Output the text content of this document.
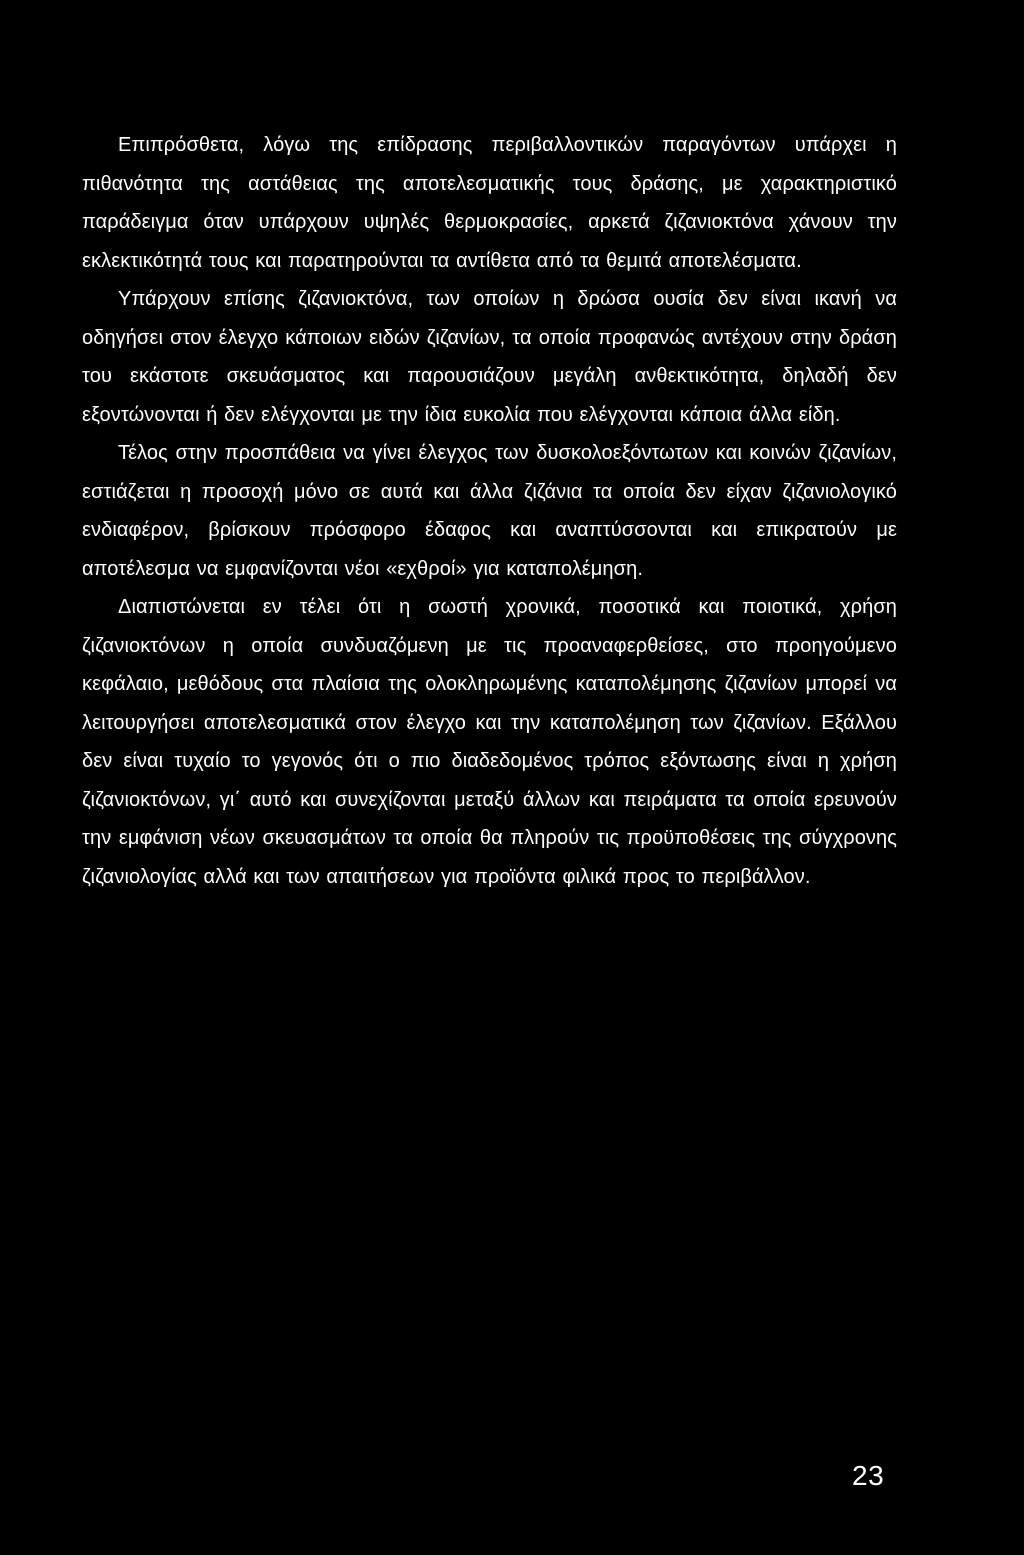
Επιπρόσθετα, λόγω της επίδρασης περιβαλλοντικών παραγόντων υπάρχει η πιθανότητα της αστάθειας της αποτελεσματικής τους δράσης, με χαρακτηριστικό παράδειγμα όταν υπάρχουν υψηλές θερμοκρασίες, αρκετά ζιζανιοκτόνα χάνουν την εκλεκτικότητά τους και παρατηρούνται τα αντίθετα από τα θεμιτά αποτελέσματα.

Υπάρχουν επίσης ζιζανιοκτόνα, των οποίων η δρώσα ουσία δεν είναι ικανή να οδηγήσει στον έλεγχο κάποιων ειδών ζιζανίων, τα οποία προφανώς αντέχουν στην δράση του εκάστοτε σκευάσματος και παρουσιάζουν μεγάλη ανθεκτικότητα, δηλαδή δεν εξοντώνονται ή δεν ελέγχονται με την ίδια ευκολία που ελέγχονται κάποια άλλα είδη.

Τέλος στην προσπάθεια να γίνει έλεγχος των δυσκολοεξόντωτων και κοινών ζιζανίων, εστιάζεται η προσοχή μόνο σε αυτά και άλλα ζιζάνια τα οποία δεν είχαν ζιζανιολογικό ενδιαφέρον, βρίσκουν πρόσφορο έδαφος και αναπτύσσονται και επικρατούν με αποτέλεσμα να εμφανίζονται νέοι «εχθροί» για καταπολέμηση.

Διαπιστώνεται εν τέλει ότι η σωστή χρονικά, ποσοτικά και ποιοτικά, χρήση ζιζανιοκτόνων η οποία συνδυαζόμενη με τις προαναφερθείσες, στο προηγούμενο κεφάλαιο, μεθόδους στα πλαίσια της ολοκληρωμένης καταπολέμησης ζιζανίων μπορεί να λειτουργήσει αποτελεσματικά στον έλεγχο και την καταπολέμηση των ζιζανίων. Εξάλλου δεν είναι τυχαίο το γεγονός ότι ο πιο διαδεδομένος τρόπος εξόντωσης είναι η χρήση ζιζανιοκτόνων, γι΄ αυτό και συνεχίζονται μεταξύ άλλων και πειράματα τα οποία ερευνούν την εμφάνιση νέων σκευασμάτων τα οποία θα πληρούν τις προϋποθέσεις της σύγχρονης ζιζανιολογίας αλλά και των απαιτήσεων για προϊόντα φιλικά προς το περιβάλλον.

23
